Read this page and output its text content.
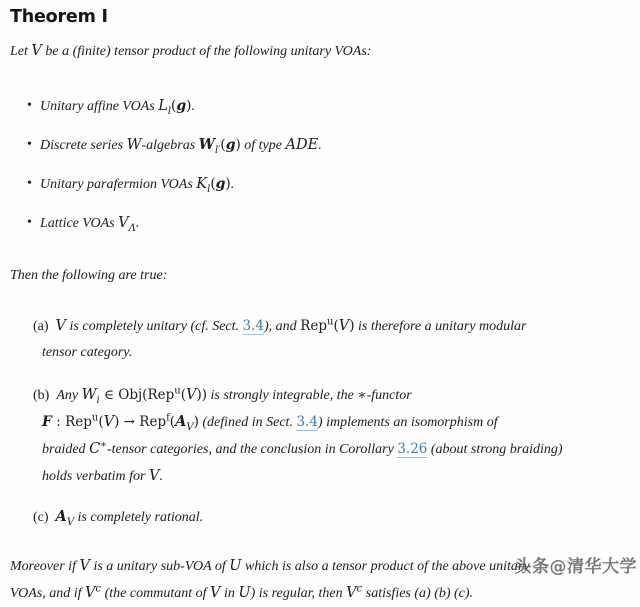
Theorem I

Let V be a (finite) tensor product of the following unitary VOAs:

• Unitary affine VOAs $L_l(g)$.
• Discrete series W-algebras $W_{l'}(g)$ of type ADE.
• Unitary parafermion VOAs $K_l(g)$.
• Lattice VOAs $V_\Lambda$.

Then the following are true:

(a) V is completely unitary (cf. Sect. 3.4), and Rep$^u$(V) is therefore a unitary modular
tensor category.
(b) Any $W_i$ ∈ Obj(Rep$^u$(V)) is strongly integrable, the ∗-functor
F : $Rep^u(V) \to Rep^f(A_V)$ (defined in Sect. 3.4) implements an isomorphism of
braided C∗-tensor categories, and the conclusion in Corollary 3.26 (about strong braiding)
holds verbatim for V.
(c) $A_V$ is completely rational.

Moreover if V is a unitary sub-VOA of U which is also a tensor product of the above unitary
VOAs, and if $V^c$ (the commutant of V in U) is regular, then $V^c$ satisfies (a) (b) (c).

头条@清华大学
